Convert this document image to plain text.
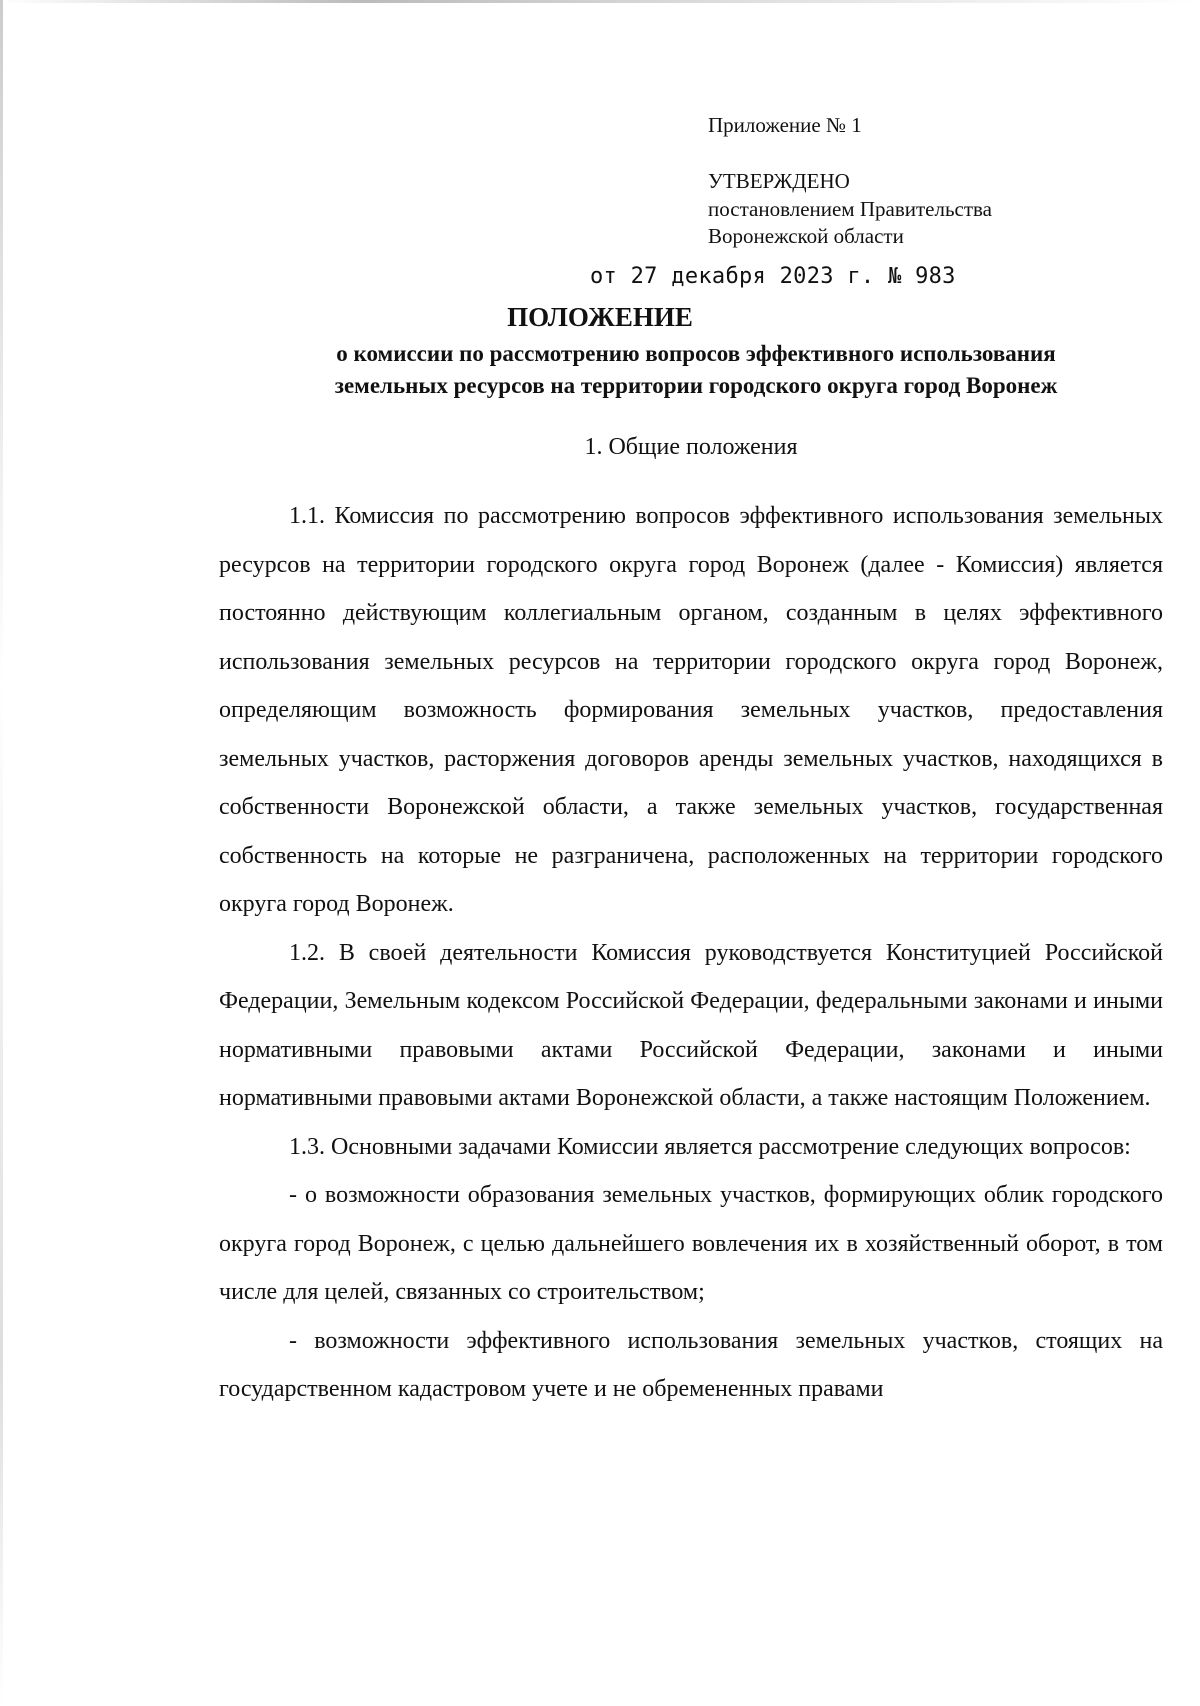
Приложение № 1
УТВЕРЖДЕНО
постановлением Правительства
Воронежской области
от 27 декабря 2023 г. № 983
ПОЛОЖЕНИЕ
о комиссии по рассмотрению вопросов эффективного использования
земельных ресурсов на территории городского округа город Воронеж
1. Общие положения

1.1. Комиссия по рассмотрению вопросов эффективного использования земельных ресурсов на территории городского округа город Воронеж (далее - Комиссия) является постоянно действующим коллегиальным органом, созданным в целях эффективного использования земельных ресурсов на территории городского округа город Воронеж, определяющим возможность формирования земельных участков, предоставления земельных участков, расторжения договоров аренды земельных участков, находящихся в собственности Воронежской области, а также земельных участков, государственная собственность на которые не разграничена, расположенных на территории городского округа город Воронеж.

1.2. В своей деятельности Комиссия руководствуется Конституцией Российской Федерации, Земельным кодексом Российской Федерации, федеральными законами и иными нормативными правовыми актами Российской Федерации, законами и иными нормативными правовыми актами Воронежской области, а также настоящим Положением.

1.3. Основными задачами Комиссии является рассмотрение следующих вопросов:

- о возможности образования земельных участков, формирующих облик городского округа город Воронеж, с целью дальнейшего вовлечения их в хозяйственный оборот, в том числе для целей, связанных со строительством;

- возможности эффективного использования земельных участков, стоящих на государственном кадастровом учете и не обремененных правами
